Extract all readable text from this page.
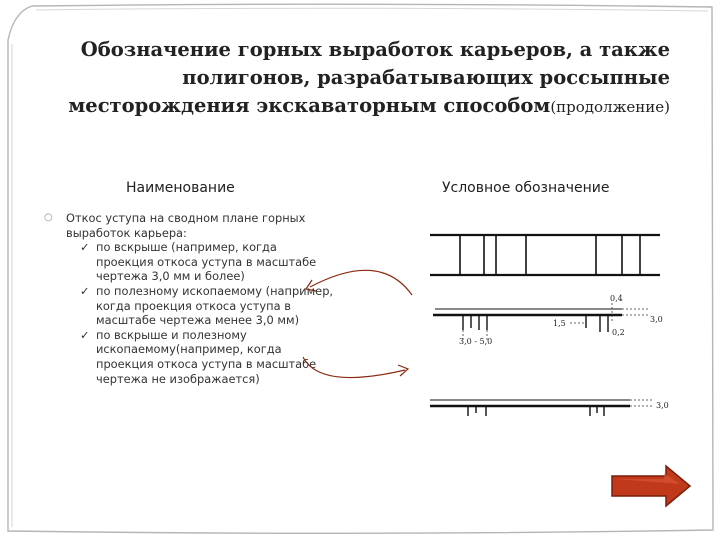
Обозначение горных выработок карьеров, а также полигонов, разрабатывающих россыпные месторождения экскаваторным способом(продолжение)
Наименование	Условное обозначение
○ Откос уступа на сводном плане горных выработок карьера:
✓ по вскрыше (например, когда проекция откоса уступа в масштабе чертежа 3,0 мм и более)
✓ по полезному ископаемому (например, когда проекция откоса уступа в масштабе чертежа менее 3,0 мм)
✓ по вскрыше и полезному ископаемому(например, когда проекция откоса уступа в масштабе чертежа не изображается)
0,4
3,0
1,5
0,2
3,0 - 5,0
3,0
